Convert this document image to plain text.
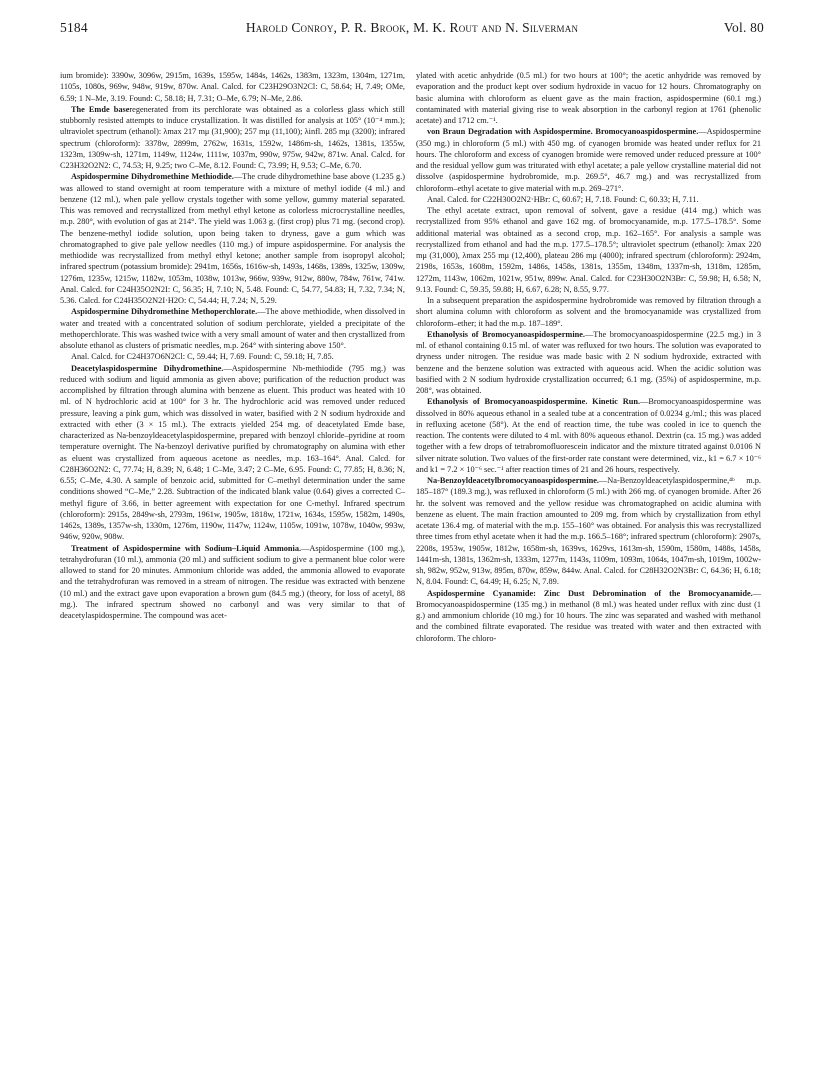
5184	Harold Conroy, P. R. Brook, M. K. Rout and N. Silverman	Vol. 80

ium bromide): 3390w, 3096w, 2915m, 1639s, 1595w, 1484s, 1462s, 1383m, 1323m, 1304m, 1271m, 1105s, 1080s, 969w, 948w, 919w, 870w. Anal. Calcd. for C23H29O3N2Cl: C, 58.64; H, 7.49; OMe, 6.59; 1 N–Me, 3.19. Found: C, 58.18; H, 7.31; O–Me, 6.79; N–Me, 2.86.

The Emde baseregenerated from its perchlorate was obtained as a colorless glass which still stubbornly resisted attempts to induce crystallization. It was distilled for analysis at 105° (10⁻⁴ mm.); ultraviolet spectrum (ethanol): λmax 217 mμ (31,900); 257 mμ (11,100); λinfl. 285 mμ (3200); infrared spectrum (chloroform): 3378w, 2899m, 2762w, 1631s, 1592w, 1486m-sh, 1462s, 1381s, 1355w, 1323m, 1309w-sh, 1271m, 1149w, 1124w, 1111w, 1037m, 990w, 975w, 942w, 871w. Anal. Calcd. for C23H32O2N2: C, 74.53; H, 9.25; two C–Me, 8.12. Found: C, 73.99; H, 9.53; C–Me, 6.70.

Aspidospermine Dihydromethine Methiodide.—The crude dihydromethine base above (1.235 g.) was allowed to stand overnight at room temperature with a mixture of methyl iodide (4 ml.) and benzene (12 ml.), when pale yellow crystals together with some yellow, gummy material separated. This was removed and recrystallized from methyl ethyl ketone as colorless microcrystalline needles, m.p. 280°, with evolution of gas at 214°. The yield was 1.063 g. (first crop) plus 71 mg. (second crop). The benzene-methyl iodide solution, upon being taken to dryness, gave a gum which was chromatographed to give pale yellow needles (110 mg.) of impure aspidospermine. For analysis the methiodide was recrystallized from methyl ethyl ketone; another sample from isopropyl alcohol; infrared spectrum (potassium bromide): 2941m, 1656s, 1616w-sh, 1493s, 1468s, 1389s, 1325w, 1309w, 1276m, 1235w, 1215w, 1182w, 1053m, 1038w, 1013w, 966w, 939w, 912w, 880w, 784w, 761w, 741w. Anal. Calcd. for C24H35O2N2I: C, 56.35; H, 7.10; N, 5.48. Found: C, 54.77, 54.83; H, 7.32, 7.34; N, 5.36. Calcd. for C24H35O2N2I·H2O: C, 54.44; H, 7.24; N, 5.29.

Aspidospermine Dihydromethine Methoperchlorate.—The above methiodide, when dissolved in water and treated with a concentrated solution of sodium perchlorate, yielded a precipitate of the methoperchlorate. This was washed twice with a very small amount of water and then crystallized from absolute ethanol as clusters of prismatic needles, m.p. 264° with sintering above 150°.

Anal. Calcd. for C24H37O6N2Cl: C, 59.44; H, 7.69. Found: C, 59.18; H, 7.85.

Deacetylaspidospermine Dihydromethine.—Aspidospermine Nb-methiodide (795 mg.) was reduced with sodium and liquid ammonia as given above; purification of the reduction product was accomplished by filtration through alumina with benzene as eluent. This product was heated with 10 ml. of N hydrochloric acid at 100° for 3 hr. The hydrochloric acid was removed under reduced pressure, leaving a pink gum, which was dissolved in water, basified with 2 N sodium hydroxide and extracted with ether (3 × 15 ml.). The extracts yielded 254 mg. of deacetylated Emde base, characterized as Na-benzoyldeacetylaspidospermine, prepared with benzoyl chloride–pyridine at room temperature overnight. The Na-benzoyl derivative purified by chromatography on alumina with ether as eluent was crystallized from aqueous acetone as needles, m.p. 163–164°. Anal. Calcd. for C28H36O2N2: C, 77.74; H, 8.39; N, 6.48; 1 C–Me, 3.47; 2 C–Me, 6.95. Found: C, 77.85; H, 8.36; N, 6.55; C–Me, 4.30. A sample of benzoic acid, submitted for C–methyl determination under the same conditions showed “C–Me,” 2.28. Subtraction of the indicated blank value (0.64) gives a corrected C–methyl figure of 3.66, in better agreement with expectation for one C-methyl. Infrared spectrum (chloroform): 2915s, 2849w-sh, 2793m, 1961w, 1905w, 1818w, 1721w, 1634s, 1595w, 1582m, 1490s, 1462s, 1389s, 1357w-sh, 1330m, 1276m, 1190w, 1147w, 1124w, 1105w, 1091w, 1078w, 1040w, 993w, 946w, 920w, 908w.

Treatment of Aspidospermine with Sodium–Liquid Ammonia.—Aspidospermine (100 mg.), tetrahydrofuran (10 ml.), ammonia (20 ml.) and sufficient sodium to give a permanent blue color were allowed to stand for 20 minutes. Ammonium chloride was added, the ammonia allowed to evaporate and the tetrahydrofuran was removed in a stream of nitrogen. The residue was extracted with benzene (10 ml.) and the extract gave upon evaporation a brown gum (84.5 mg.) (theory, for loss of acetyl, 88 mg.). The infrared spectrum showed no carbonyl and was very similar to that of deacetylaspidospermine. The compound was acet-

ylated with acetic anhydride (0.5 ml.) for two hours at 100°; the acetic anhydride was removed by evaporation and the product kept over sodium hydroxide in vacuo for 12 hours. Chromatography on basic alumina with chloroform as eluent gave as the main fraction, aspidospermine (60.1 mg.) contaminated with material giving rise to weak absorption in the carbonyl region at 1761 (phenolic acetate) and 1712 cm.⁻¹.

von Braun Degradation with Aspidospermine. Bromocyanoaspidospermine.—Aspidospermine (350 mg.) in chloroform (5 ml.) with 450 mg. of cyanogen bromide was heated under reflux for 21 hours. The chloroform and excess of cyanogen bromide were removed under reduced pressure at 100° and the residual yellow gum was triturated with ethyl acetate; a pale yellow crystalline material did not dissolve (aspidospermine hydrobromide, m.p. 269.5°, 46.7 mg.) and was recrystallized from chloroform–ethyl acetate to give material with m.p. 269–271°.

Anal. Calcd. for C22H30O2N2·HBr: C, 60.67; H, 7.18. Found: C, 60.33; H, 7.11.

The ethyl acetate extract, upon removal of solvent, gave a residue (414 mg.) which was recrystallized from 95% ethanol and gave 162 mg. of bromocyanamide, m.p. 177.5–178.5°. Some additional material was obtained as a second crop, m.p. 162–165°. For analysis a sample was recrystallized from ethanol and had the m.p. 177.5–178.5°; ultraviolet spectrum (ethanol): λmax 220 mμ (31,000), λmax 255 mμ (12,400), plateau 286 mμ (4000); infrared spectrum (chloroform): 2924m, 2198s, 1653s, 1608m, 1592m, 1486s, 1458s, 1381s, 1355m, 1348m, 1337m-sh, 1318m, 1285m, 1272m, 1143w, 1062m, 1021w, 951w, 899w. Anal. Calcd. for C23H30O2N3Br: C, 59.98; H, 6.58; N, 9.13. Found: C, 59.35, 59.88; H, 6.67, 6.28; N, 8.55, 9.77.

In a subsequent preparation the aspidospermine hydrobromide was removed by filtration through a short alumina column with chloroform as solvent and the bromocyanamide was crystallized from chloroform–ether; it had the m.p. 187–189°.

Ethanolysis of Bromocyanoaspidospermine.—The bromocyanoaspidospermine (22.5 mg.) in 3 ml. of ethanol containing 0.15 ml. of water was refluxed for two hours. The solution was evaporated to dryness under nitrogen. The residue was made basic with 2 N sodium hydroxide, extracted with benzene and the benzene solution was extracted with aqueous acid. When the acidic solution was basified with 2 N sodium hydroxide crystallization occurred; 6.1 mg. (35%) of aspidospermine, m.p. 208°, was obtained.

Ethanolysis of Bromocyanoaspidospermine. Kinetic Run.—Bromocyanoaspidospermine was dissolved in 80% aqueous ethanol in a sealed tube at a concentration of 0.0234 g./ml.; this was placed in refluxing acetone (58°). At the end of reaction time, the tube was cooled in ice to quench the reaction. The contents were diluted to 4 ml. with 80% aqueous ethanol. Dextrin (ca. 15 mg.) was added together with a few drops of tetrabromofluorescein indicator and the mixture titrated against 0.0106 N silver nitrate solution. Two values of the first-order rate constant were determined, viz., k1 = 6.7 × 10⁻⁶ and k1 = 7.2 × 10⁻⁶ sec.⁻¹ after reaction times of 21 and 26 hours, respectively.

Na-Benzoyldeacetylbromocyanoaspidospermine.—Na-Benzoyldeacetylaspidospermine,⁴ᵇ m.p. 185–187° (189.3 mg.), was refluxed in chloroform (5 ml.) with 266 mg. of cyanogen bromide. After 26 hr. the solvent was removed and the yellow residue was chromatographed on acidic alumina with benzene as eluent. The main fraction amounted to 209 mg. from which by crystallization from ethyl acetate 136.4 mg. of material with the m.p. 155–160° was obtained. For analysis this was recrystallized three times from ethyl acetate when it had the m.p. 166.5–168°; infrared spectrum (chloroform): 2907s, 2208s, 1953w, 1905w, 1812w, 1658m-sh, 1639vs, 1629vs, 1613m-sh, 1590m, 1580m, 1488s, 1458s, 1441m-sh, 1381s, 1362m-sh, 1333m, 1277m, 1143s, 1109m, 1093m, 1064s, 1047m-sh, 1019m, 1002w-sh, 982w, 952w, 913w, 895m, 870w, 859w, 844w. Anal. Calcd. for C28H32O2N3Br: C, 64.36; H, 6.18; N, 8.04. Found: C, 64.49; H, 6.25; N, 7.89.

Aspidospermine Cyanamide: Zinc Dust Debromination of the Bromocyanamide.—Bromocyanoaspidospermine (135 mg.) in methanol (8 ml.) was heated under reflux with zinc dust (1 g.) and ammonium chloride (10 mg.) for 10 hours. The zinc was separated and washed with methanol and the combined filtrate evaporated. The residue was treated with water and then extracted with chloroform. The chloro-
